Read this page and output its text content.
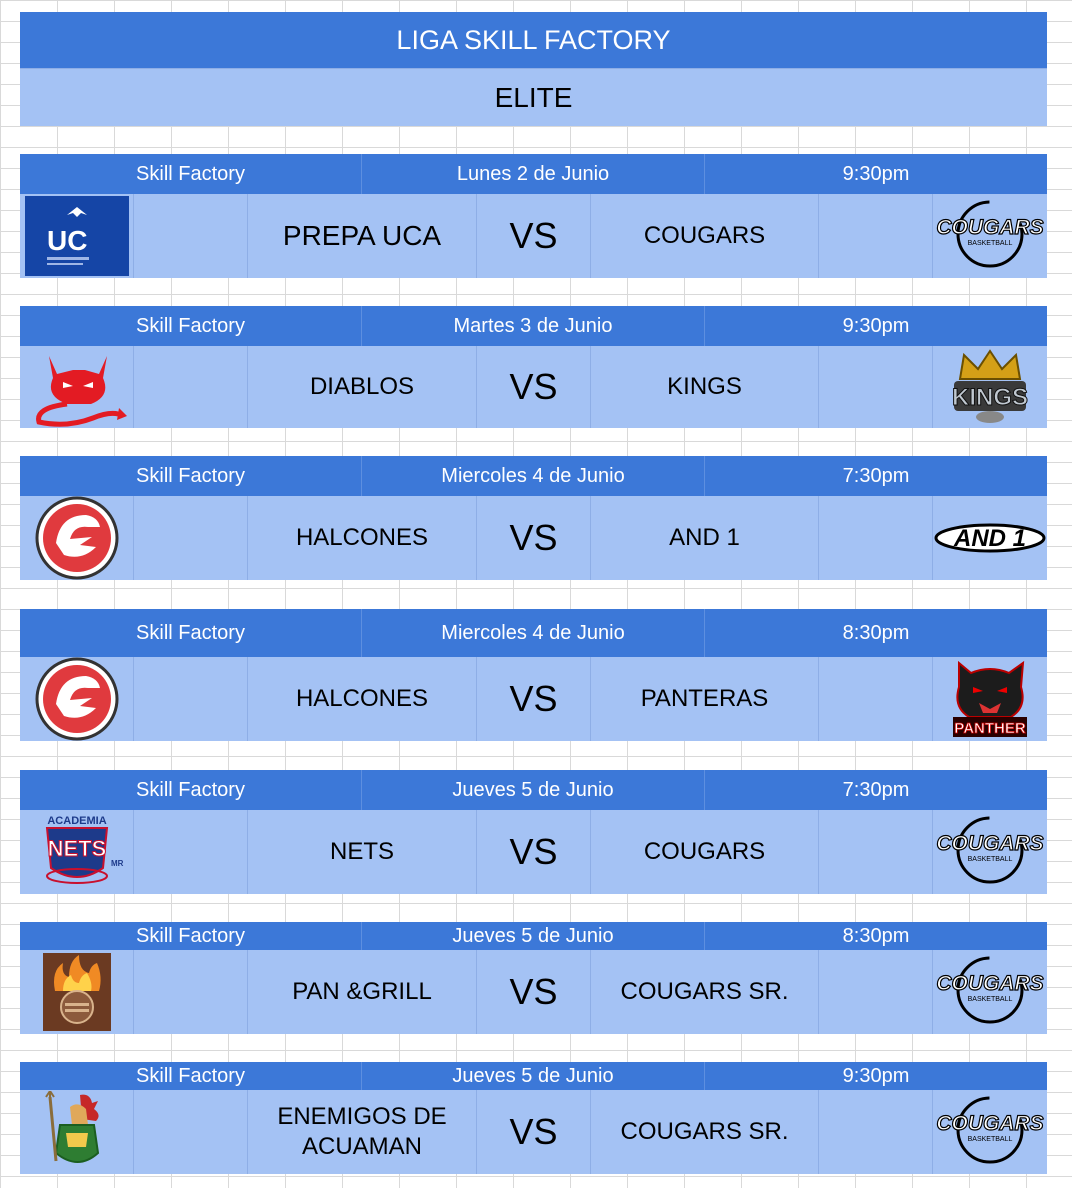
LIGA SKILL FACTORY
ELITE
Skill Factory	Lunes 2 de Junio	9:30pm
UC	PREPA UCA	VS	COUGARS	COUGARS
BASKETBALL
Skill Factory	Martes 3 de Junio	9:30pm
DIABLOS	VS	KINGS	KINGS
Skill Factory	Miercoles 4 de Junio	7:30pm
HALCONES	VS	AND 1	AND 1
Skill Factory	Miercoles 4 de Junio	8:30pm
HALCONES	VS	PANTERAS
PANTHER
Skill Factory	Jueves 5 de Junio	7:30pm
ACADEMIA
NETS
MR	NETS	VS	COUGARS	COUGARS
BASKETBALL
Skill Factory	Jueves 5 de Junio	8:30pm
PAN &GRILL	VS	COUGARS SR.	COUGARS
BASKETBALL
Skill Factory	Jueves 5 de Junio	9:30pm
ENEMIGOS DE ACUAMAN	VS	COUGARS SR.	COUGARS
BASKETBALL
